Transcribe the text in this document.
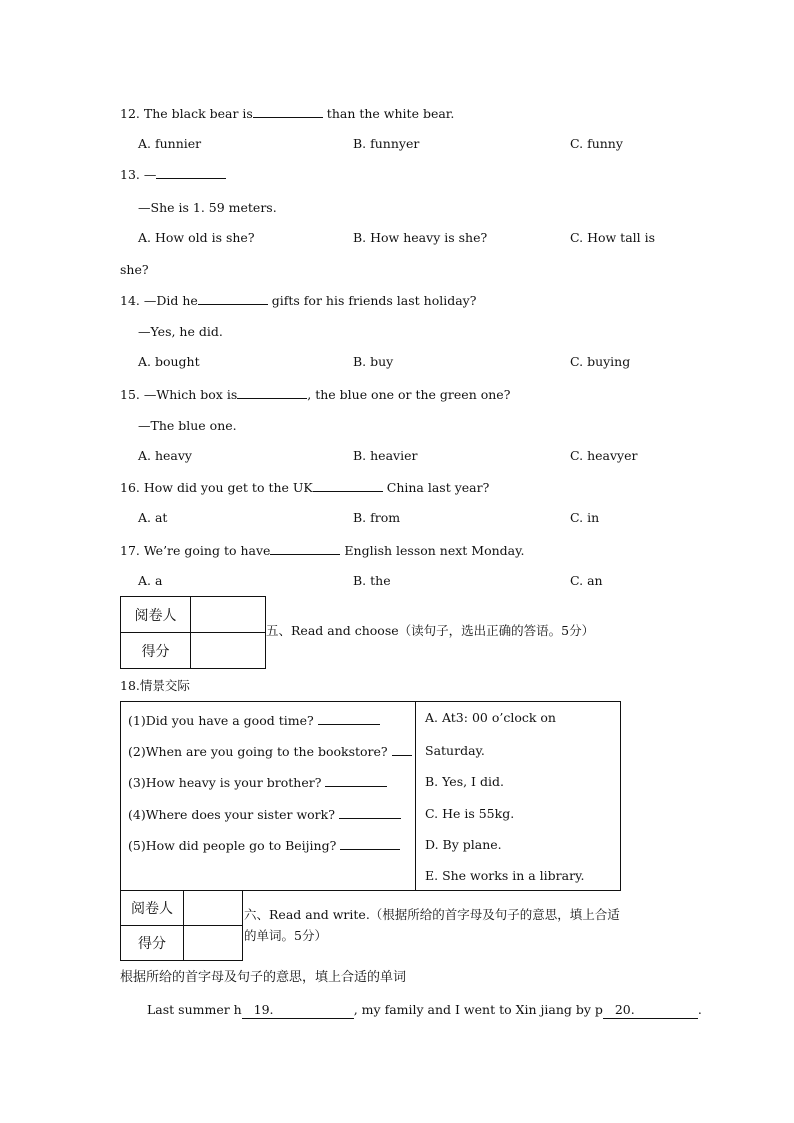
12. The black bear is	than the white bear.
A. funnier	B. funnyer	C. funny
13. —
—She is 1. 59 meters.
A. How old is she?	B. How heavy is she?	C. How tall is
she?
14. —Did he	gifts for his friends last holiday?
—Yes, he did.
A. bought	B. buy	C. buying
15. —Which box is	, the blue one or the green one?
—The blue one.
A. heavy	B. heavier	C. heavyer
16. How did you get to the UK	China last year?
A. at	B. from	C. in
17. We’re going to have	English lesson next Monday.
A. a	B. the	C. an
阅卷人	
得分	
五、Read and choose（读句子，选出正确的答语。5分）
18.情景交际
(1)Did you have a good time?
(2)When are you going to the bookstore?
(3)How heavy is your brother?
(4)Where does your sister work?
(5)How did people go to Beijing?
A. At3: 00 o’clock on
Saturday.
B. Yes, I did.
C. He is 55kg.
D. By plane.
E. She works in a library.
阅卷人	
得分	
六、Read and write.（根据所给的首字母及句子的意思，填上合适
的单词。5分）
根据所给的首字母及句子的意思，填上合适的单词
Last summer h 19.	, my family and I went to Xin jiang by p 20.	.
